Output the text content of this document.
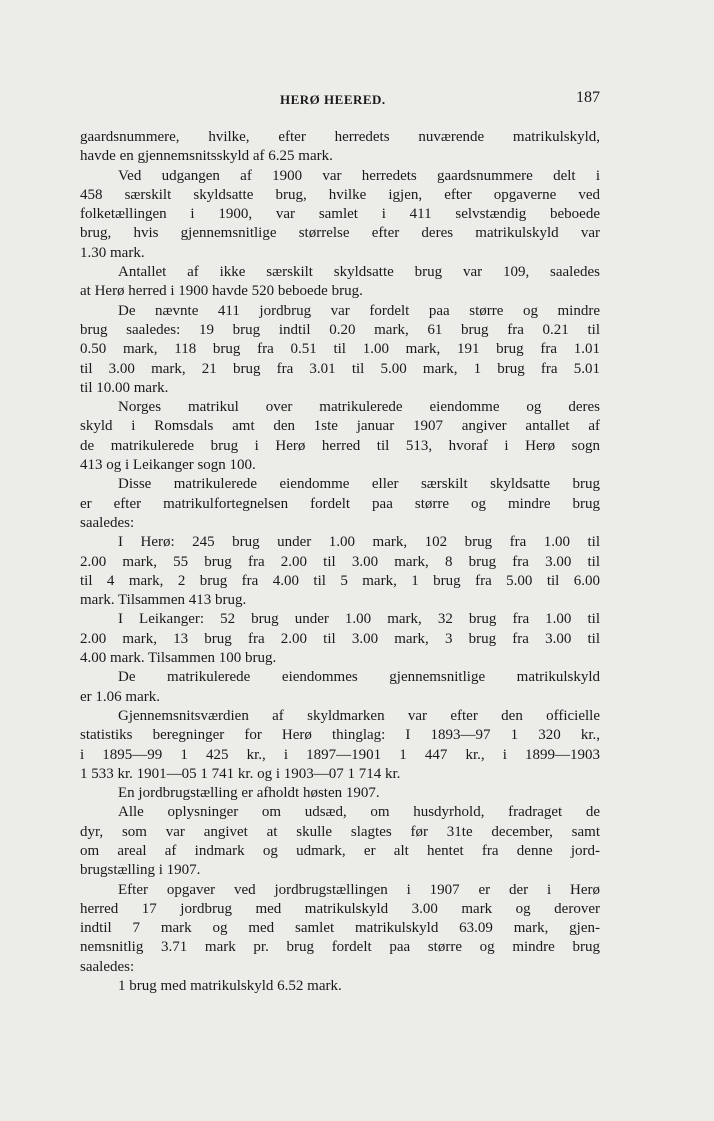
HERØ HEERED.	187
gaardsnummere, hvilke, efter herredets nuværende matrikulskyld,
havde en gjennemsnitsskyld af 6.25 mark.
Ved udgangen af 1900 var herredets gaardsnummere delt i
458 særskilt skyldsatte brug, hvilke igjen, efter opgaverne ved
folketællingen i 1900, var samlet i 411 selvstændig beboede
brug, hvis gjennemsnitlige størrelse efter deres matrikulskyld var
1.30 mark.
Antallet af ikke særskilt skyldsatte brug var 109, saaledes
at Herø herred i 1900 havde 520 beboede brug.
De nævnte 411 jordbrug var fordelt paa større og mindre
brug saaledes: 19 brug indtil 0.20 mark, 61 brug fra 0.21 til
0.50 mark, 118 brug fra 0.51 til 1.00 mark, 191 brug fra 1.01
til 3.00 mark, 21 brug fra 3.01 til 5.00 mark, 1 brug fra 5.01
til 10.00 mark.
Norges matrikul over matrikulerede eiendomme og deres
skyld i Romsdals amt den 1ste januar 1907 angiver antallet af
de matrikulerede brug i Herø herred til 513, hvoraf i Herø sogn
413 og i Leikanger sogn 100.
Disse matrikulerede eiendomme eller særskilt skyldsatte brug
er efter matrikulfortegnelsen fordelt paa større og mindre brug
saaledes:
I Herø: 245 brug under 1.00 mark, 102 brug fra 1.00 til
2.00 mark, 55 brug fra 2.00 til 3.00 mark, 8 brug fra 3.00 til
til 4 mark, 2 brug fra 4.00 til 5 mark, 1 brug fra 5.00 til 6.00
mark. Tilsammen 413 brug.
I Leikanger: 52 brug under 1.00 mark, 32 brug fra 1.00 til
2.00 mark, 13 brug fra 2.00 til 3.00 mark, 3 brug fra 3.00 til
4.00 mark. Tilsammen 100 brug.
De matrikulerede eiendommes gjennemsnitlige matrikulskyld
er 1.06 mark.
Gjennemsnitsværdien af skyldmarken var efter den officielle
statistiks beregninger for Herø thinglag: I 1893—97 1 320 kr.,
i 1895—99 1 425 kr., i 1897—1901 1 447 kr., i 1899—1903
1 533 kr. 1901—05 1 741 kr. og i 1903—07 1 714 kr.
En jordbrugstælling er afholdt høsten 1907.
Alle oplysninger om udsæd, om husdyrhold, fradraget de
dyr, som var angivet at skulle slagtes før 31te december, samt
om areal af indmark og udmark, er alt hentet fra denne jord-
brugstælling i 1907.
Efter opgaver ved jordbrugstællingen i 1907 er der i Herø
herred 17 jordbrug med matrikulskyld 3.00 mark og derover
indtil 7 mark og med samlet matrikulskyld 63.09 mark, gjen-
nemsnitlig 3.71 mark pr. brug fordelt paa større og mindre brug
saaledes:
1 brug med matrikulskyld 6.52 mark.
